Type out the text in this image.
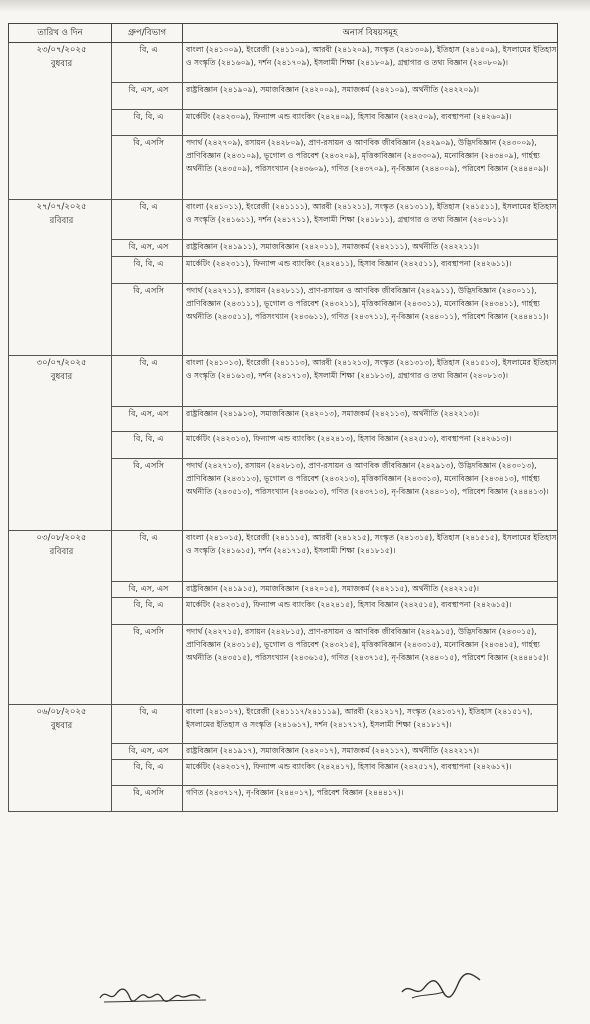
তারিখ ও দিন	গ্রুপ/বিভাগ	অনার্স বিষয়সমূহ

২৩/০৭/২০২৫
বুধবার	বি, এ	বাংলা (২৪১০০৯), ইংরেজী (২৪১১০৯), আরবী (২৪১২০৯), সংস্কৃত (২৪১৩০৯), ইতিহাস (২৪১৫০৯), ইসলামের ইতিহাস ও সংস্কৃতি (২৪১৬০৯), দর্শন (২৪১৭০৯), ইসলামী শিক্ষা (২৪১৮০৯), গ্রন্থাগার ও তথ্য বিজ্ঞান (২৪০৮০৯)।
	বি, এস, এস	রাষ্ট্রবিজ্ঞান (২৪১৯০৯), সমাজবিজ্ঞান (২৪২০০৯), সমাজকর্ম (২৪২১০৯), অর্থনীতি (২৪২২০৯)।
	বি, বি, এ	মার্কেটিং (২৪২৩০৯), ফিন্যান্স এন্ড ব্যাংকিং (২৪২৪০৯), হিসাব বিজ্ঞান (২৪২৫০৯), ব্যবস্থাপনা (২৪২৬০৯)।
	বি, এসসি	পদার্থ (২৪২৭০৯), রসায়ন (২৪২৮০৯), প্রাণ-রসায়ন ও আণবিক জীববিজ্ঞান (২৪২৯০৯), উদ্ভিদবিজ্ঞান (২৪৩০০৯), প্রাণিবিজ্ঞান (২৪৩১০৯), ভূগোল ও পরিবেশ (২৪৩২০৯), মৃত্তিকাবিজ্ঞান (২৪৩৩০৯), মনোবিজ্ঞান (২৪৩৪০৯), গার্হস্থ্য অর্থনীতি (২৪৩৫০৯), পরিসংখ্যান (২৪৩৬০৯), গণিত (২৪৩৭০৯), নৃ-বিজ্ঞান (২৪৪০০৯), পরিবেশ বিজ্ঞান (২৪৪৪০৯)।

২৭/০৭/২০২৫
রবিবার	বি, এ	বাংলা (২৪১০১১), ইংরেজী (২৪১১১১), আরবী (২৪১২১১), সংস্কৃত (২৪১৩১১), ইতিহাস (২৪১৫১১), ইসলামের ইতিহাস ও সংস্কৃতি (২৪১৬১১), দর্শন (২৪১৭১১), ইসলামী শিক্ষা (২৪১৮১১), গ্রন্থাগার ও তথ্য বিজ্ঞান (২৪০৮১১)।
	বি, এস, এস	রাষ্ট্রবিজ্ঞান (২৪১৯১১), সমাজবিজ্ঞান (২৪২০১১), সমাজকর্ম (২৪২১১১), অর্থনীতি (২৪২২১১)।
	বি, বি, এ	মার্কেটিং (২৪২৩১১), ফিন্যান্স এন্ড ব্যাংকিং (২৪২৪১১), হিসাব বিজ্ঞান (২৪২৫১১), ব্যবস্থাপনা (২৪২৬১১)।
	বি, এসসি	পদার্থ (২৪২৭১১), রসায়ন (২৪২৮১১), প্রাণ-রসায়ন ও আণবিক জীববিজ্ঞান (২৪২৯১১), উদ্ভিদবিজ্ঞান (২৪৩০১১), প্রাণিবিজ্ঞান (২৪৩১১১), ভূগোল ও পরিবেশ (২৪৩২১১), মৃত্তিকাবিজ্ঞান (২৪৩৩১১), মনোবিজ্ঞান (২৪৩৪১১), গার্হস্থ্য অর্থনীতি (২৪৩৫১১), পরিসংখ্যান (২৪৩৬১১), গণিত (২৪৩৭১১), নৃ-বিজ্ঞান (২৪৪০১১), পরিবেশ বিজ্ঞান (২৪৪৪১১)।

৩০/০৭/২০২৫
বুধবার	বি, এ	বাংলা (২৪১০১৩), ইংরেজী (২৪১১১৩), আরবী (২৪১২১৩), সংস্কৃত (২৪১৩১৩), ইতিহাস (২৪১৫১৩), ইসলামের ইতিহাস ও সংস্কৃতি (২৪১৬১৩), দর্শন (২৪১৭১৩), ইসলামী শিক্ষা (২৪১৮১৩), গ্রন্থাগার ও তথ্য বিজ্ঞান (২৪০৮১৩)।
	বি, এস, এস	রাষ্ট্রবিজ্ঞান (২৪১৯১৩), সমাজবিজ্ঞান (২৪২০১৩), সমাজকর্ম (২৪২১১৩), অর্থনীতি (২৪২২১৩)।
	বি, বি, এ	মার্কেটিং (২৪২৩১৩), ফিন্যান্স এন্ড ব্যাংকিং (২৪২৪১৩), হিসাব বিজ্ঞান (২৪২৫১৩), ব্যবস্থাপনা (২৪২৬১৩)।
	বি, এসসি	পদার্থ (২৪২৭১৩), রসায়ন (২৪২৮১৩), প্রাণ-রসায়ন ও আণবিক জীববিজ্ঞান (২৪২৯১৩), উদ্ভিদবিজ্ঞান (২৪৩০১৩), প্রাণিবিজ্ঞান (২৪৩১১৩), ভূগোল ও পরিবেশ (২৪৩২১৩), মৃত্তিকাবিজ্ঞান (২৪৩৩১৩), মনোবিজ্ঞান (২৪৩৪১৩), গার্হস্থ্য অর্থনীতি (২৪৩৫১৩), পরিসংখ্যান (২৪৩৬১৩), গণিত (২৪৩৭১৩), নৃ-বিজ্ঞান (২৪৪০১৩), পরিবেশ বিজ্ঞান (২৪৪৪১৩)।

০৩/০৮/২০২৫
রবিবার	বি, এ	বাংলা (২৪১০১৫), ইংরেজী (২৪১১১৫), আরবী (২৪১২১৫), সংস্কৃত (২৪১৩১৫), ইতিহাস (২৪১৫১৫), ইসলামের ইতিহাস ও সংস্কৃতি (২৪১৬১৫), দর্শন (২৪১৭১৫), ইসলামী শিক্ষা (২৪১৮১৫)।
	বি, এস, এস	রাষ্ট্রবিজ্ঞান (২৪১৯১৫), সমাজবিজ্ঞান (২৪২০১৫), সমাজকর্ম (২৪২১১৫), অর্থনীতি (২৪২২১৫)।
	বি, বি, এ	মার্কেটিং (২৪২৩১৫), ফিন্যান্স এন্ড ব্যাংকিং (২৪২৪১৫), হিসাব বিজ্ঞান (২৪২৫১৫), ব্যবস্থাপনা (২৪২৬১৫)।
	বি, এসসি	পদার্থ (২৪২৭১৫), রসায়ন (২৪২৮১৫), প্রাণ-রসায়ন ও আণবিক জীববিজ্ঞান (২৪২৯১৫), উদ্ভিদবিজ্ঞান (২৪৩০১৫), প্রাণিবিজ্ঞান (২৪৩১১৫), ভূগোল ও পরিবেশ (২৪৩২১৫), মৃত্তিকাবিজ্ঞান (২৪৩৩১৫), মনোবিজ্ঞান (২৪৩৪১৫), গার্হস্থ্য অর্থনীতি (২৪৩৫১৫), পরিসংখ্যান (২৪৩৬১৫), গণিত (২৪৩৭১৫), নৃ-বিজ্ঞান (২৪৪০১৫), পরিবেশ বিজ্ঞান (২৪৪৪১৫)।

০৬/০৮/২০২৫
বুধবার	বি, এ	বাংলা (২৪১০১৭), ইংরেজী (২৪১১১৭/২৪১১১৯), আরবী (২৪১২১৭), সংস্কৃত (২৪১৩১৭), ইতিহাস (২৪১৫১৭), ইসলামের ইতিহাস ও সংস্কৃতি (২৪১৬১৭), দর্শন (২৪১৭১৭), ইসলামী শিক্ষা (২৪১৮১৭)।
	বি, এস, এস	রাষ্ট্রবিজ্ঞান (২৪১৯১৭), সমাজবিজ্ঞান (২৪২০১৭), সমাজকর্ম (২৪২১১৭), অর্থনীতি (২৪২২১৭)।
	বি, বি, এ	মার্কেটিং (২৪২৩১৭), ফিন্যান্স এন্ড ব্যাংকিং (২৪২৪১৭), হিসাব বিজ্ঞান (২৪২৫১৭), ব্যবস্থাপনা (২৪২৬১৭)।
	বি, এসসি	গণিত (২৪৩৭১৭), নৃ-বিজ্ঞান (২৪৪০১৭), পরিবেশ বিজ্ঞান (২৪৪৪১৭)।
